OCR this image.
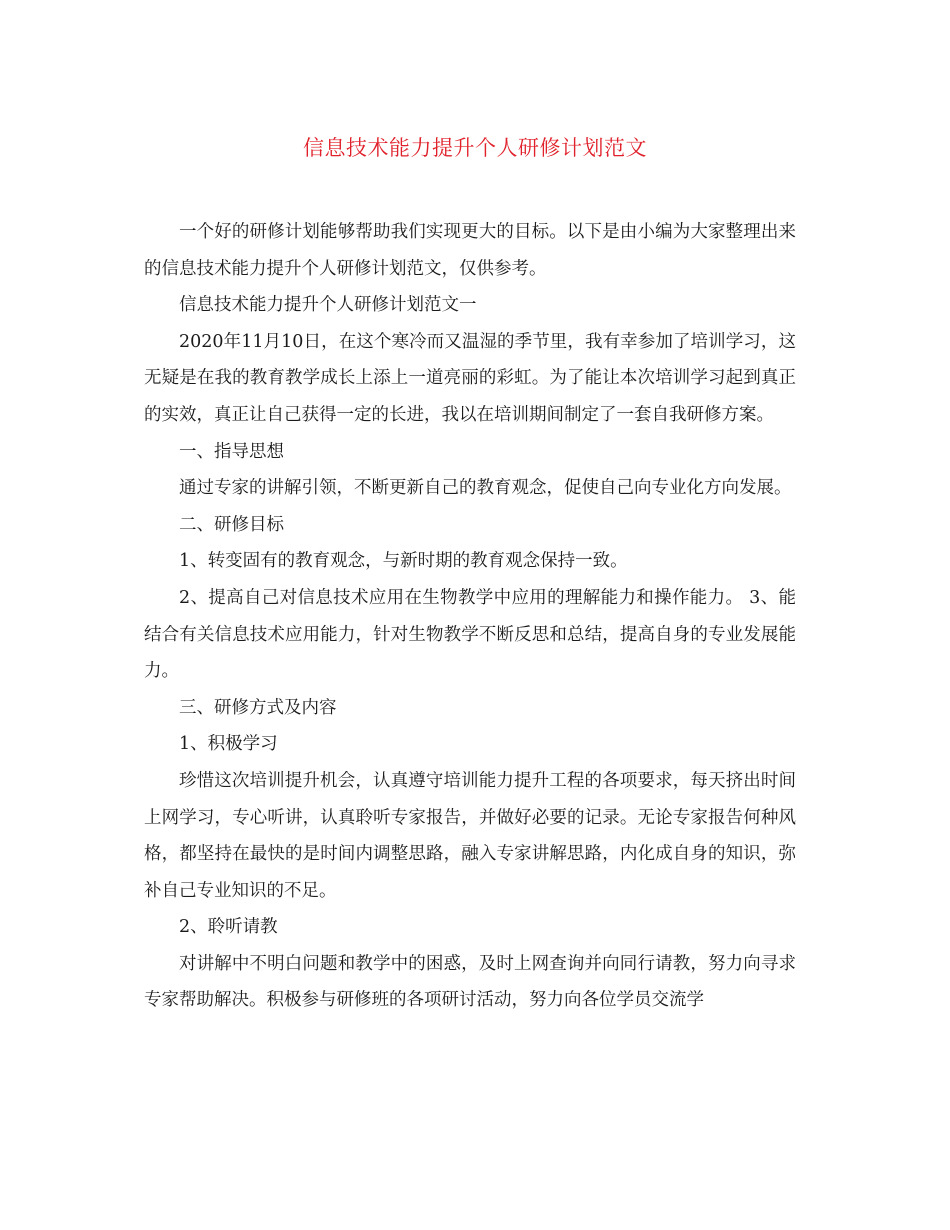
信息技术能力提升个人研修计划范文

一个好的研修计划能够帮助我们实现更大的目标。以下是由小编为大家整理出来的信息技术能力提升个人研修计划范文，仅供参考。

信息技术能力提升个人研修计划范文一

2020年11月10日，在这个寒冷而又温湿的季节里，我有幸参加了培训学习，这无疑是在我的教育教学成长上添上一道亮丽的彩虹。为了能让本次培训学习起到真正的实效，真正让自己获得一定的长进，我以在培训期间制定了一套自我研修方案。

一、指导思想

通过专家的讲解引领，不断更新自己的教育观念，促使自己向专业化方向发展。

二、研修目标

1、转变固有的教育观念，与新时期的教育观念保持一致。

2、提高自己对信息技术应用在生物教学中应用的理解能力和操作能力。 3、能结合有关信息技术应用能力，针对生物教学不断反思和总结，提高自身的专业发展能力。

三、研修方式及内容

1、积极学习

珍惜这次培训提升机会，认真遵守培训能力提升工程的各项要求，每天挤出时间上网学习，专心听讲，认真聆听专家报告，并做好必要的记录。无论专家报告何种风格，都坚持在最快的是时间内调整思路，融入专家讲解思路，内化成自身的知识，弥补自己专业知识的不足。

2、聆听请教

对讲解中不明白问题和教学中的困惑，及时上网查询并向同行请教，努力向寻求专家帮助解决。积极参与研修班的各项研讨活动，努力向各位学员交流学
